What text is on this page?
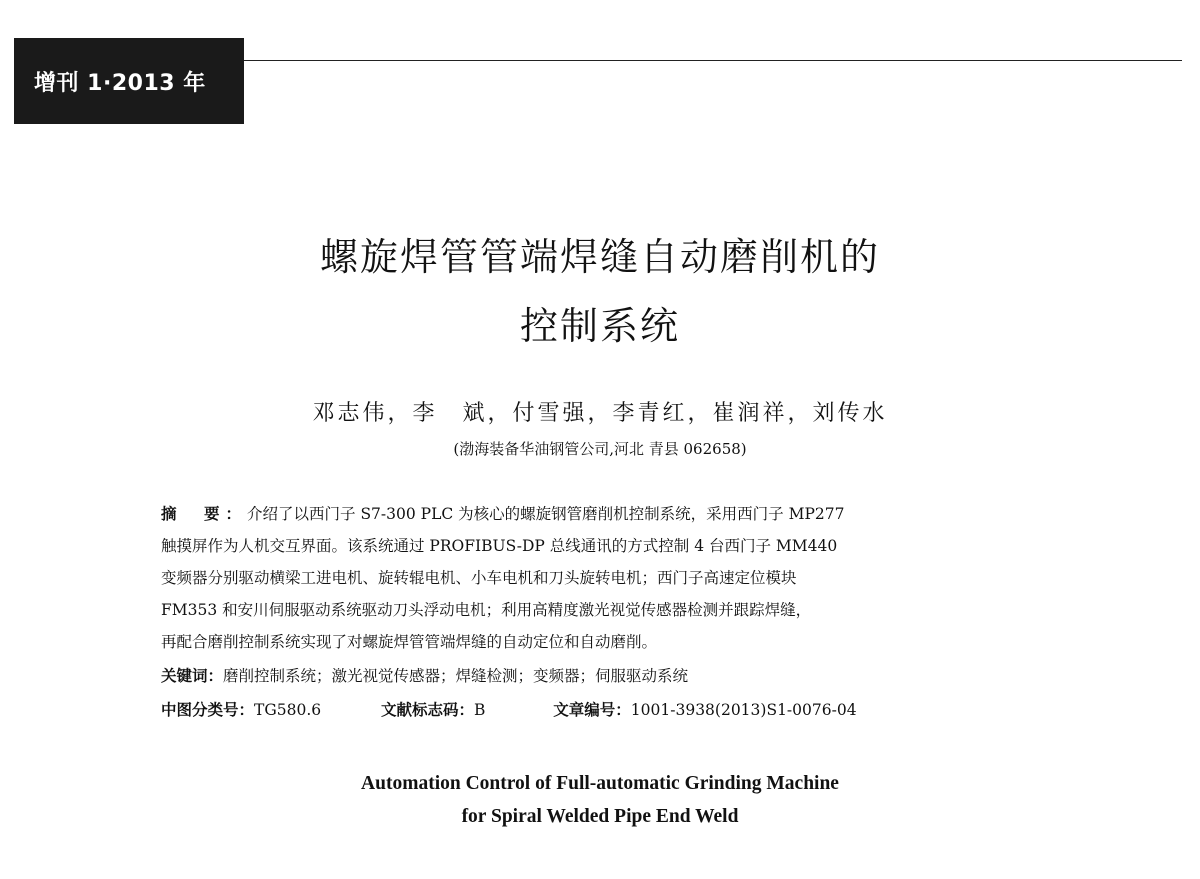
增刊 1·2013 年
螺旋焊管管端焊缝自动磨削机的
控制系统
邓志伟，李　斌，付雪强，李青红，崔润祥，刘传水
(渤海装备华油钢管公司,河北 青县 062658)
摘　要：介绍了以西门子 S7-300 PLC 为核心的螺旋钢管磨削机控制系统，采用西门子 MP277
触摸屏作为人机交互界面。该系统通过 PROFIBUS-DP 总线通讯的方式控制 4 台西门子 MM440
变频器分别驱动横梁工进电机、旋转辊电机、小车电机和刀头旋转电机；西门子高速定位模块
FM353 和安川伺服驱动系统驱动刀头浮动电机；利用高精度激光视觉传感器检测并跟踪焊缝，
再配合磨削控制系统实现了对螺旋焊管管端焊缝的自动定位和自动磨削。
关键词：磨削控制系统；激光视觉传感器；焊缝检测；变频器；伺服驱动系统
中图分类号：TG580.6	文献标志码：B	文章编号：1001-3938(2013)S1-0076-04
Automation Control of Full-automatic Grinding Machine
for Spiral Welded Pipe End Weld
